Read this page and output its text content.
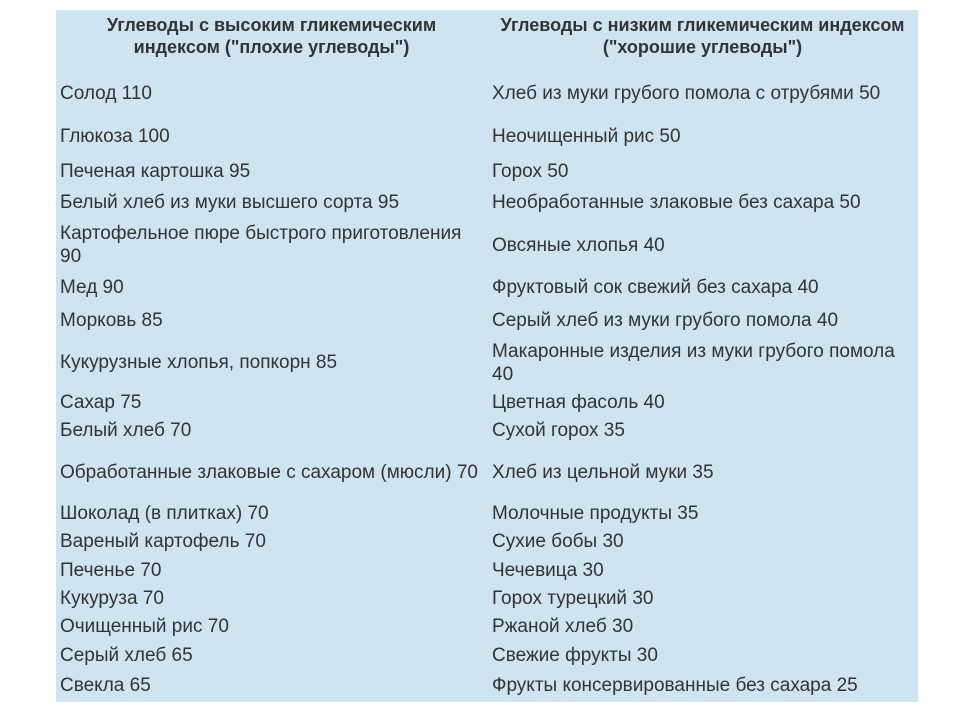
Углеводы с высоким гликемическим индексом ("плохие углеводы")	Углеводы с низким гликемическим индексом ("хорошие углеводы")
Солод 110	Хлеб из муки грубого помола с отрубями 50
Глюкоза 100	Неочищенный рис 50
Печеная картошка 95	Горох 50
Белый хлеб из муки высшего сорта 95	Необработанные злаковые без сахара 50
Картофельное пюре быстрого приготовления 90	Овсяные хлопья 40
Мед 90	Фруктовый сок свежий без сахара 40
Морковь 85	Серый хлеб из муки грубого помола 40
Кукурузные хлопья, попкорн 85	Макаронные изделия из муки грубого помола 40
Сахар 75	Цветная фасоль 40
Белый хлеб 70	Сухой горох 35
Обработанные злаковые с сахаром (мюсли) 70	Хлеб из цельной муки 35
Шоколад (в плитках) 70	Молочные продукты 35
Вареный картофель 70	Сухие бобы 30
Печенье 70	Чечевица 30
Кукуруза 70	Горох турецкий 30
Очищенный рис 70	Ржаной хлеб 30
Серый хлеб 65	Свежие фрукты 30
Свекла 65	Фрукты консервированные без сахара 25
